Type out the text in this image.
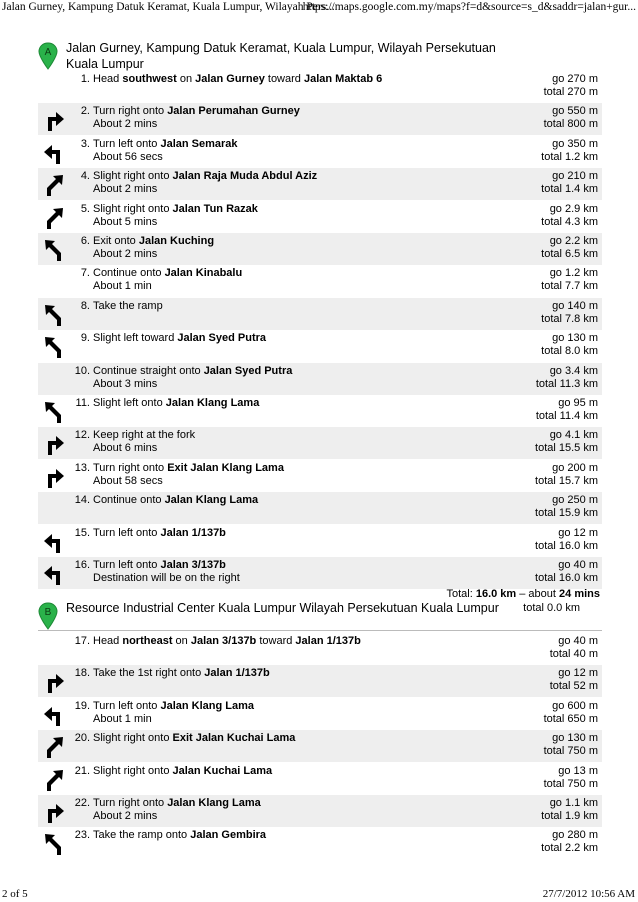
Jalan Gurney, Kampung Datuk Keramat, Kuala Lumpur, Wilayah Pers...
https://maps.google.com.my/maps?f=d&source=s_d&saddr=jalan+gur...
A Jalan Gurney, Kampung Datuk Keramat, Kuala Lumpur, Wilayah Persekutuan
Kuala Lumpur
1. Head southwest on Jalan Gurney toward Jalan Maktab 6	go 270 m
total 270 m
2. Turn right onto Jalan Perumahan Gurney
About 2 mins
go 550 m
total 800 m
3. Turn left onto Jalan Semarak
About 56 secs
go 350 m
total 1.2 km
4. Slight right onto Jalan Raja Muda Abdul Aziz
About 2 mins
go 210 m
total 1.4 km
5. Slight right onto Jalan Tun Razak
About 5 mins
go 2.9 km
total 4.3 km
6. Exit onto Jalan Kuching
About 2 mins
go 2.2 km
total 6.5 km
7. Continue onto Jalan Kinabalu
About 1 min
go 1.2 km
total 7.7 km
8. Take the ramp	go 140 m
total 7.8 km
9. Slight left toward Jalan Syed Putra	go 130 m
total 8.0 km
10. Continue straight onto Jalan Syed Putra
About 3 mins
go 3.4 km
total 11.3 km
11. Slight left onto Jalan Klang Lama	go 95 m
total 11.4 km
12. Keep right at the fork
About 6 mins
go 4.1 km
total 15.5 km
13. Turn right onto Exit Jalan Klang Lama
About 58 secs
go 200 m
total 15.7 km
14. Continue onto Jalan Klang Lama	go 250 m
total 15.9 km
15. Turn left onto Jalan 1/137b	go 12 m
total 16.0 km
16. Turn left onto Jalan 3/137b
Destination will be on the right
go 40 m
total 16.0 km
Total: 16.0 km – about 24 mins
B Resource Industrial Center Kuala Lumpur Wilayah Persekutuan Kuala Lumpur total 0.0 km
17. Head northeast on Jalan 3/137b toward Jalan 1/137b	go 40 m
total 40 m
18. Take the 1st right onto Jalan 1/137b	go 12 m
total 52 m
19. Turn left onto Jalan Klang Lama
About 1 min
go 600 m
total 650 m
20. Slight right onto Exit Jalan Kuchai Lama	go 130 m
total 750 m
21. Slight right onto Jalan Kuchai Lama	go 13 m
total 750 m
22. Turn right onto Jalan Klang Lama
About 2 mins
go 1.1 km
total 1.9 km
23. Take the ramp onto Jalan Gembira	go 280 m
total 2.2 km
2 of 5	27/7/2012 10:56 AM
